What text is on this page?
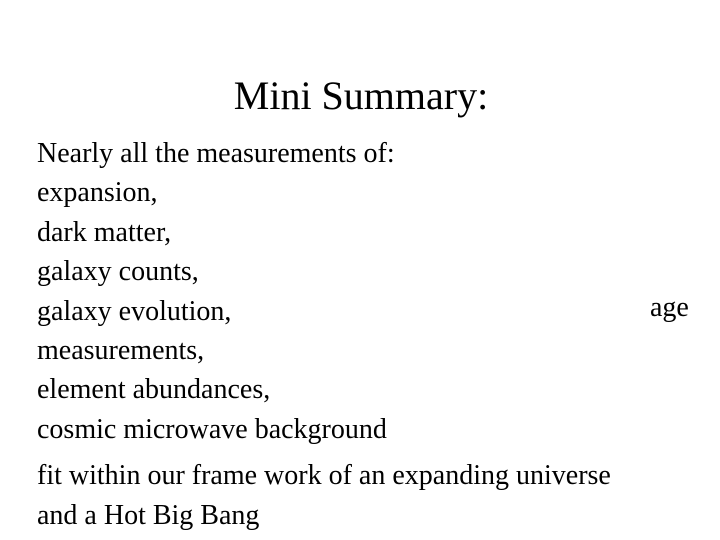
Mini Summary:
Nearly all the measurements of:
expansion,
dark matter,
galaxy counts,
galaxy evolution,
measurements,
element abundances,
cosmic microwave background
age
fit within our frame work of an expanding universe
and a Hot Big Bang
